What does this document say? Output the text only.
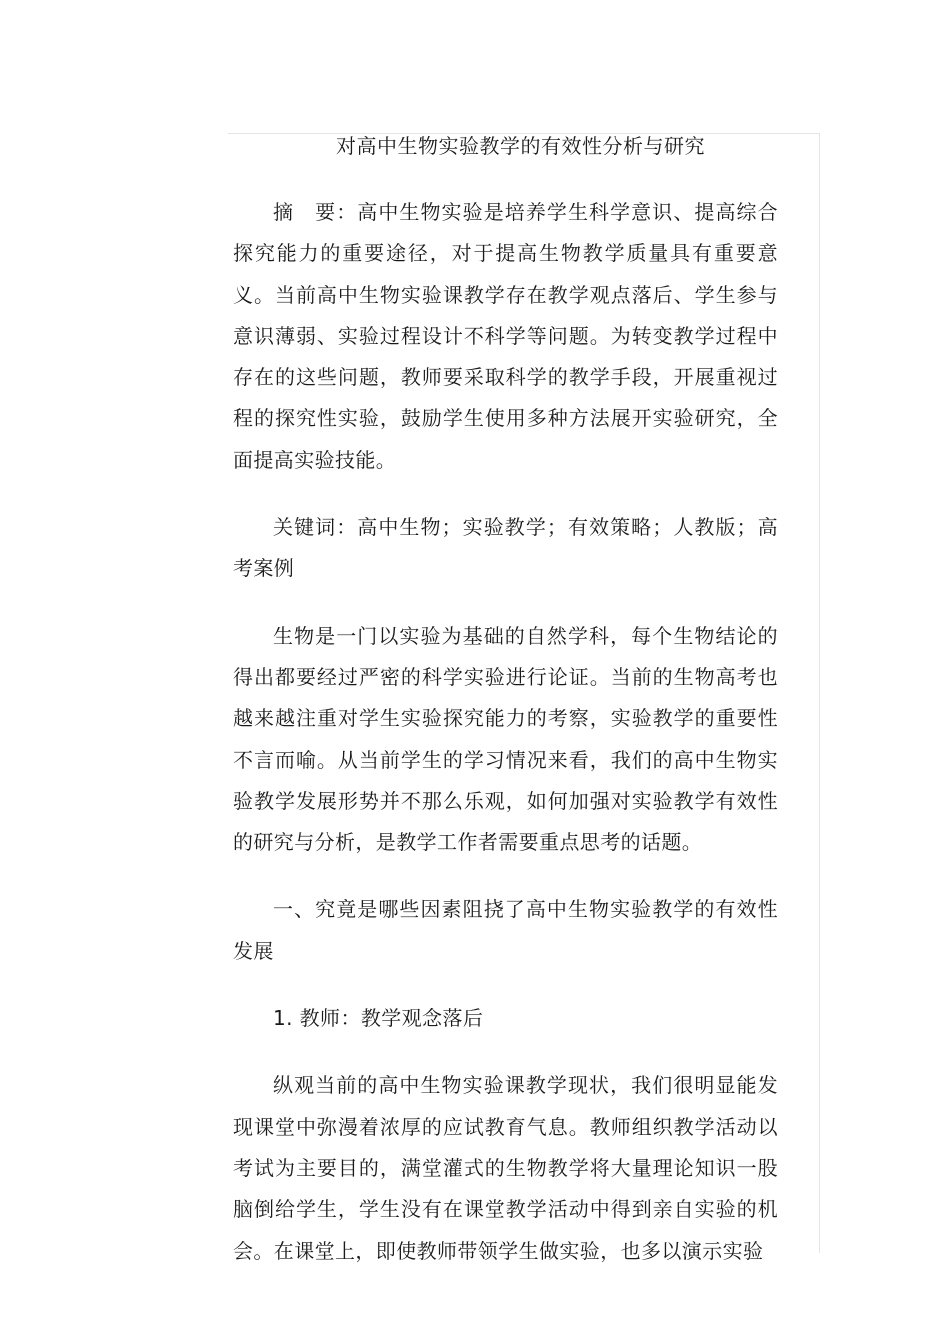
对高中生物实验教学的有效性分析与研究

摘　要：高中生物实验是培养学生科学意识、提高综合探究能力的重要途径，对于提高生物教学质量具有重要意义。当前高中生物实验课教学存在教学观点落后、学生参与意识薄弱、实验过程设计不科学等问题。为转变教学过程中存在的这些问题，教师要采取科学的教学手段，开展重视过程的探究性实验，鼓励学生使用多种方法展开实验研究，全面提高实验技能。

关键词：高中生物；实验教学；有效策略；人教版；高考案例

生物是一门以实验为基础的自然学科，每个生物结论的得出都要经过严密的科学实验进行论证。当前的生物高考也越来越注重对学生实验探究能力的考察，实验教学的重要性不言而喻。从当前学生的学习情况来看，我们的高中生物实验教学发展形势并不那么乐观，如何加强对实验教学有效性的研究与分析，是教学工作者需要重点思考的话题。

一、究竟是哪些因素阻挠了高中生物实验教学的有效性发展

1. 教师：教学观念落后

纵观当前的高中生物实验课教学现状，我们很明显能发现课堂中弥漫着浓厚的应试教育气息。教师组织教学活动以考试为主要目的，满堂灌式的生物教学将大量理论知识一股脑倒给学生，学生没有在课堂教学活动中得到亲自实验的机会。在课堂上，即使教师带领学生做实验，也多以演示实验
